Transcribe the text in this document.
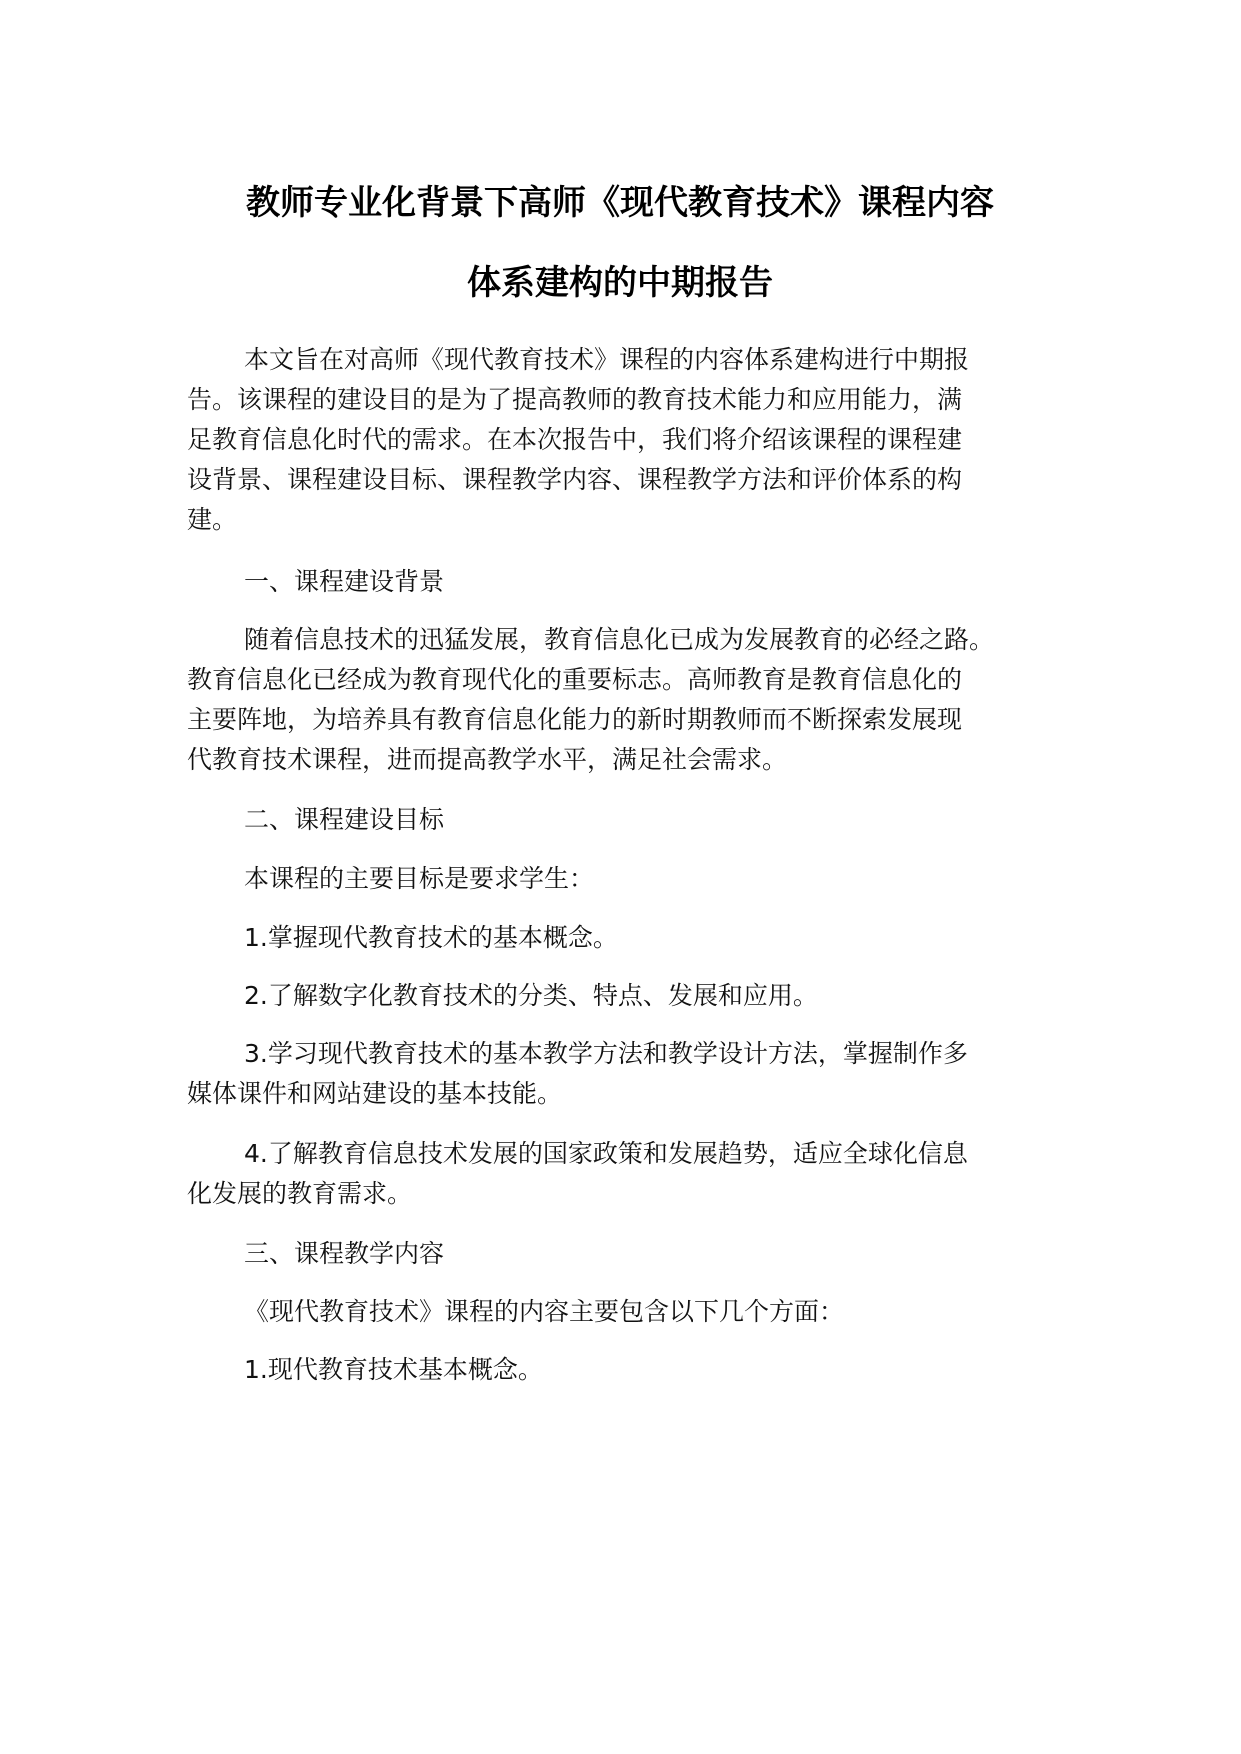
教师专业化背景下高师《现代教育技术》课程内容
体系建构的中期报告
本文旨在对高师《现代教育技术》课程的内容体系建构进行中期报
告。该课程的建设目的是为了提高教师的教育技术能力和应用能力，满
足教育信息化时代的需求。在本次报告中，我们将介绍该课程的课程建
设背景、课程建设目标、课程教学内容、课程教学方法和评价体系的构
建。
一、课程建设背景
随着信息技术的迅猛发展，教育信息化已成为发展教育的必经之路。
教育信息化已经成为教育现代化的重要标志。高师教育是教育信息化的
主要阵地，为培养具有教育信息化能力的新时期教师而不断探索发展现
代教育技术课程，进而提高教学水平，满足社会需求。
二、课程建设目标
本课程的主要目标是要求学生：
1.掌握现代教育技术的基本概念。
2.了解数字化教育技术的分类、特点、发展和应用。
3.学习现代教育技术的基本教学方法和教学设计方法，掌握制作多
媒体课件和网站建设的基本技能。
4.了解教育信息技术发展的国家政策和发展趋势，适应全球化信息
化发展的教育需求。
三、课程教学内容
《现代教育技术》课程的内容主要包含以下几个方面：
1.现代教育技术基本概念。
